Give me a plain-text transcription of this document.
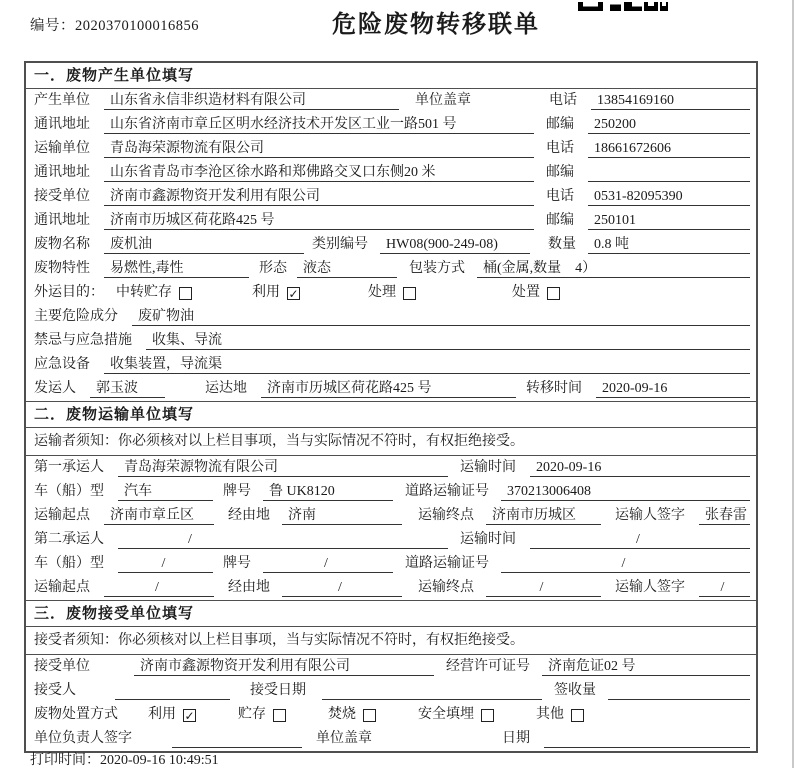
编号：2020370100016856	危险废物转移联单
一．废物产生单位填写
产生单位	山东省永信非织造材料有限公司	单位盖章	电话	13854169160
通讯地址	山东省济南市章丘区明水经济技术开发区工业一路501 号	邮编	250200
运输单位	青岛海荣源物流有限公司	电话	18661672606
通讯地址	山东省青岛市李沧区徐水路和郑佛路交叉口东侧20 米	邮编
接受单位	济南市鑫源物资开发利用有限公司	电话	0531-82095390
通讯地址	济南市历城区荷花路425 号	邮编	250101
废物名称	废机油	类别编号	HW08(900-249-08)	数量	0.8 吨
废物特性	易燃性,毒性	形态	液态	包装方式	桶(金属,数量　4）
外运目的： 中转贮存	利用 ✓	处理	处置
主要危险成分	废矿物油
禁忌与应急措施	收集、导流
应急设备	收集装置，导流渠
发运人	郭玉波	运达地	济南市历城区荷花路425 号	转移时间	2020-09-16
二．废物运输单位填写
运输者须知：你必须核对以上栏目事项，当与实际情况不符时，有权拒绝接受。
第一承运人	青岛海荣源物流有限公司	运输时间	2020-09-16
车（船）型	汽车	牌号	鲁 UK8120	道路运输证号	370213006408
运输起点	济南市章丘区	经由地	济南	运输终点	济南市历城区	运输人签字	张春雷
第二承运人	/	运输时间	/
车（船）型	/	牌号	/	道路运输证号	/
运输起点	/	经由地	/	运输终点	/	运输人签字	/
三．废物接受单位填写
接受者须知：你必须核对以上栏目事项，当与实际情况不符时，有权拒绝接受。
接受单位	济南市鑫源物资开发利用有限公司	经营许可证号	济南危证02 号
接受人	接受日期	签收量
废物处置方式 利用 ✓	贮存	焚烧	安全填埋	其他
单位负责人签字	单位盖章	日期
打印时间：2020-09-16 10:49:51
